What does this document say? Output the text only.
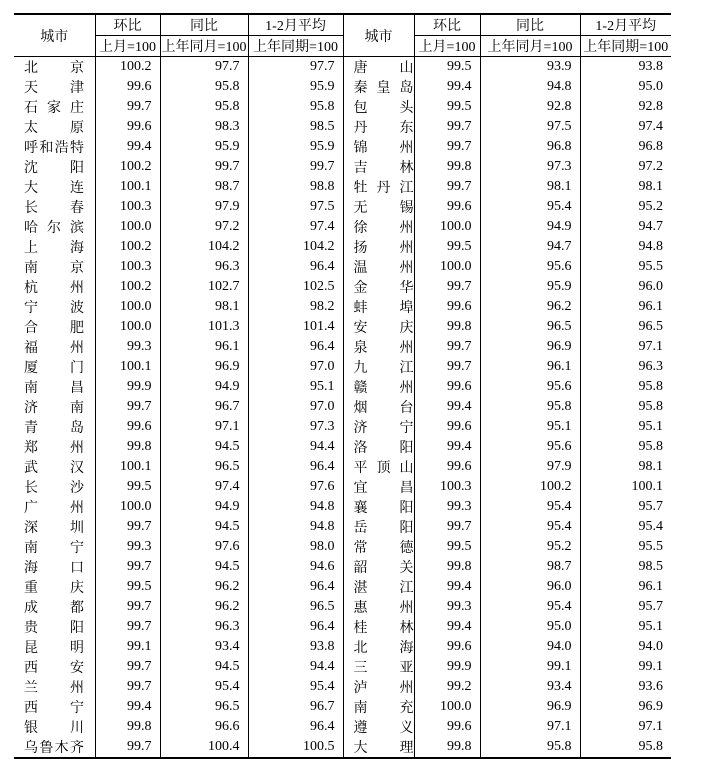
城市	环比	同比	1-2月平均	城市	环比	同比	1-2月平均
	上月=100	上年同月=100	上年同期=100		上月=100	上年同月=100	上年同期=100

北 京	100.2	97.7	97.7	唐 山	99.5	93.9	93.8

天 津	99.6	95.8	95.9	秦 皇 岛	99.4	94.8	95.0

石 家 庄	99.7	95.8	95.8	包 头	99.5	92.8	92.8

太 原	99.6	98.3	98.5	丹 东	99.7	97.5	97.4

呼 和 浩 特	99.4	95.9	95.9	锦 州	99.7	96.8	96.8

沈 阳	100.2	99.7	99.7	吉 林	99.8	97.3	97.2

大 连	100.1	98.7	98.8	牡 丹 江	99.7	98.1	98.1

长 春	100.3	97.9	97.5	无 锡	99.6	95.4	95.2

哈 尔 滨	100.0	97.2	97.4	徐 州	100.0	94.9	94.7

上 海	100.2	104.2	104.2	扬 州	99.5	94.7	94.8

南 京	100.3	96.3	96.4	温 州	100.0	95.6	95.5

杭 州	100.2	102.7	102.5	金 华	99.7	95.9	96.0

宁 波	100.0	98.1	98.2	蚌 埠	99.6	96.2	96.1

合 肥	100.0	101.3	101.4	安 庆	99.8	96.5	96.5

福 州	99.3	96.1	96.4	泉 州	99.7	96.9	97.1

厦 门	100.1	96.9	97.0	九 江	99.7	96.1	96.3

南 昌	99.9	94.9	95.1	赣 州	99.6	95.6	95.8

济 南	99.7	96.7	97.0	烟 台	99.4	95.8	95.8

青 岛	99.6	97.1	97.3	济 宁	99.6	95.1	95.1

郑 州	99.8	94.5	94.4	洛 阳	99.4	95.6	95.8

武 汉	100.1	96.5	96.4	平 顶 山	99.6	97.9	98.1

长 沙	99.5	97.4	97.6	宜 昌	100.3	100.2	100.1

广 州	100.0	94.9	94.8	襄 阳	99.3	95.4	95.7

深 圳	99.7	94.5	94.8	岳 阳	99.7	95.4	95.4

南 宁	99.3	97.6	98.0	常 德	99.5	95.2	95.5

海 口	99.7	94.5	94.6	韶 关	99.8	98.7	98.5

重 庆	99.5	96.2	96.4	湛 江	99.4	96.0	96.1

成 都	99.7	96.2	96.5	惠 州	99.3	95.4	95.7

贵 阳	99.7	96.3	96.4	桂 林	99.4	95.0	95.1

昆 明	99.1	93.4	93.8	北 海	99.6	94.0	94.0

西 安	99.7	94.5	94.4	三 亚	99.9	99.1	99.1

兰 州	99.7	95.4	95.4	泸 州	99.2	93.4	93.6

西 宁	99.4	96.5	96.7	南 充	100.0	96.9	96.9

银 川	99.8	96.6	96.4	遵 义	99.6	97.1	97.1

乌 鲁 木 齐	99.7	100.4	100.5	大 理	99.8	95.8	95.8
